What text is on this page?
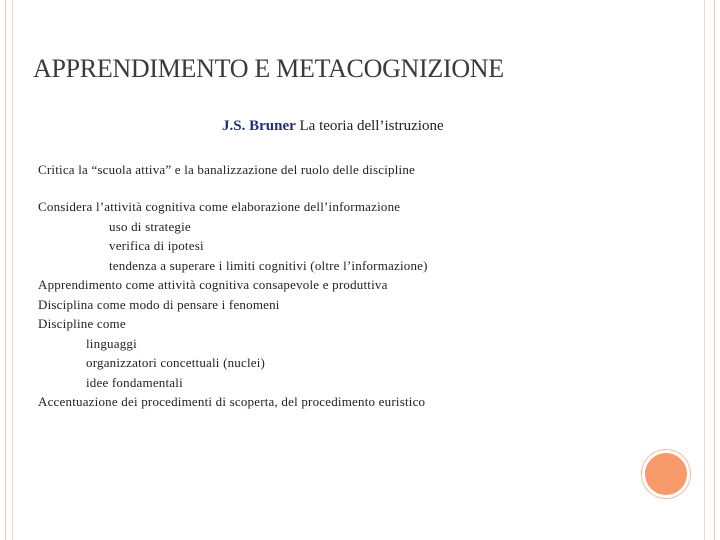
APPRENDIMENTO E METACOGNIZIONE
J.S. Bruner La teoria dell’istruzione
Critica la “scuola attiva” e la banalizzazione del ruolo delle discipline
Considera l’attività cognitiva come elaborazione dell’informazione
uso di strategie
verifica di ipotesi
tendenza a superare i limiti cognitivi (oltre l’informazione)
Apprendimento come attività cognitiva consapevole e produttiva
Disciplina come modo di pensare i fenomeni
Discipline come
linguaggi
organizzatori concettuali (nuclei)
idee fondamentali
Accentuazione dei procedimenti di scoperta, del procedimento euristico
